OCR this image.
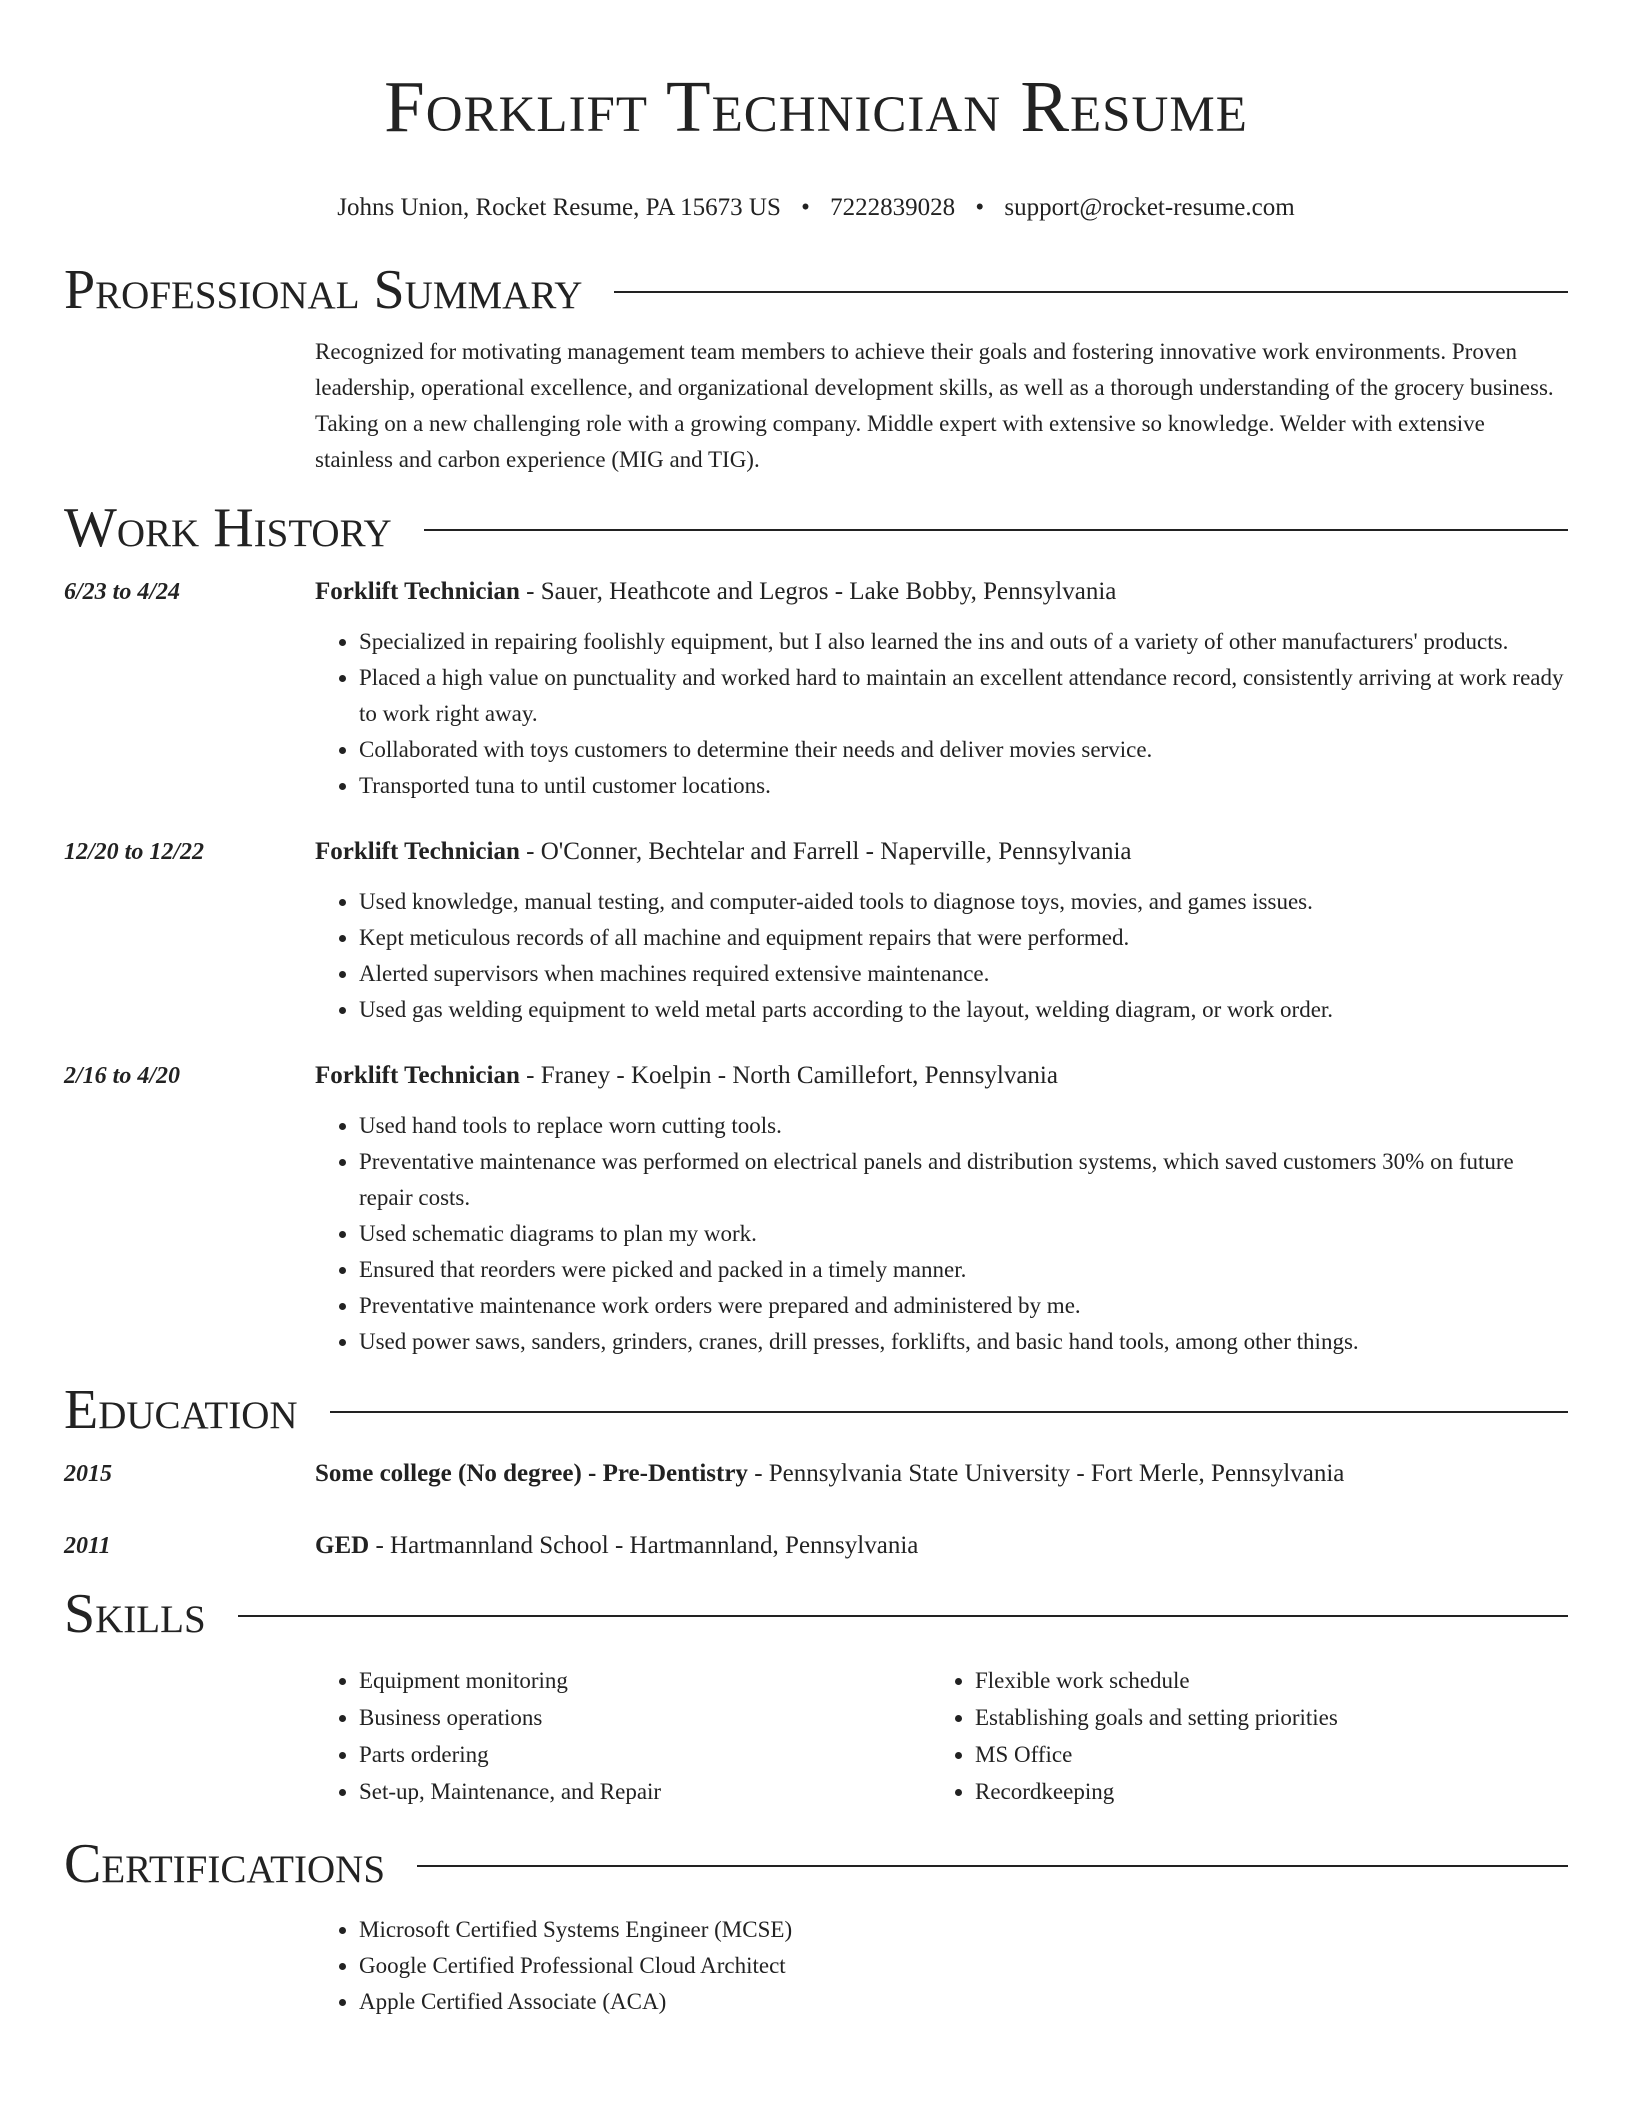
Forklift Technician Resume
Johns Union, Rocket Resume, PA 15673 US • 7222839028 • support@rocket-resume.com
Professional Summary
Recognized for motivating management team members to achieve their goals and fostering innovative work environments. Proven leadership, operational excellence, and organizational development skills, as well as a thorough understanding of the grocery business. Taking on a new challenging role with a growing company. Middle expert with extensive so knowledge. Welder with extensive stainless and carbon experience (MIG and TIG).
Work History
6/23 to 4/24	Forklift Technician - Sauer, Heathcote and Legros - Lake Bobby, Pennsylvania
• Specialized in repairing foolishly equipment, but I also learned the ins and outs of a variety of other manufacturers' products.
• Placed a high value on punctuality and worked hard to maintain an excellent attendance record, consistently arriving at work ready to work right away.
• Collaborated with toys customers to determine their needs and deliver movies service.
• Transported tuna to until customer locations.
12/20 to 12/22	Forklift Technician - O'Conner, Bechtelar and Farrell - Naperville, Pennsylvania
• Used knowledge, manual testing, and computer-aided tools to diagnose toys, movies, and games issues.
• Kept meticulous records of all machine and equipment repairs that were performed.
• Alerted supervisors when machines required extensive maintenance.
• Used gas welding equipment to weld metal parts according to the layout, welding diagram, or work order.
2/16 to 4/20	Forklift Technician - Franey - Koelpin - North Camillefort, Pennsylvania
• Used hand tools to replace worn cutting tools.
• Preventative maintenance was performed on electrical panels and distribution systems, which saved customers 30% on future repair costs.
• Used schematic diagrams to plan my work.
• Ensured that reorders were picked and packed in a timely manner.
• Preventative maintenance work orders were prepared and administered by me.
• Used power saws, sanders, grinders, cranes, drill presses, forklifts, and basic hand tools, among other things.
Education
2015	Some college (No degree) - Pre-Dentistry - Pennsylvania State University - Fort Merle, Pennsylvania
2011	GED - Hartmannland School - Hartmannland, Pennsylvania
Skills
• Equipment monitoring
• Business operations
• Parts ordering
• Set-up, Maintenance, and Repair
• Flexible work schedule
• Establishing goals and setting priorities
• MS Office
• Recordkeeping
Certifications
• Microsoft Certified Systems Engineer (MCSE)
• Google Certified Professional Cloud Architect
• Apple Certified Associate (ACA)
